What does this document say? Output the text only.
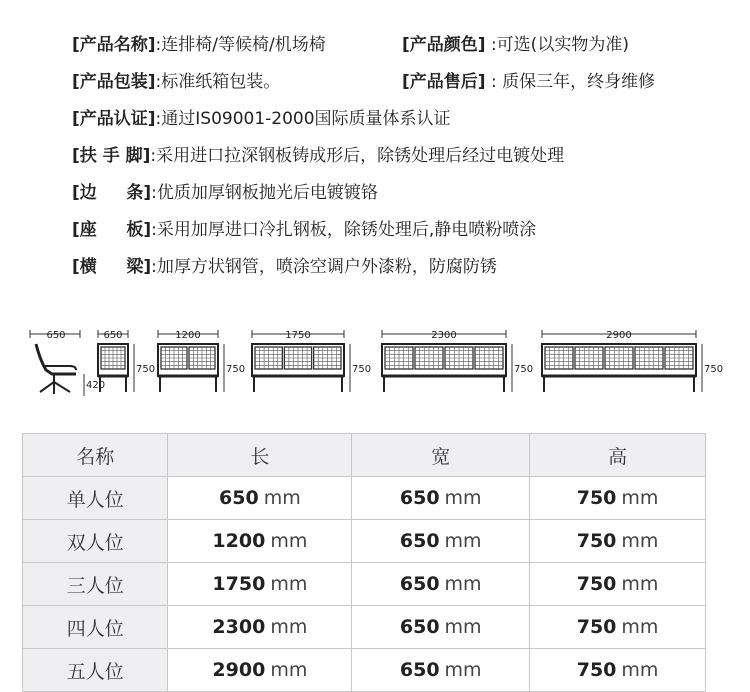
[产品名称] :连排椅/等候椅/机场椅	[产品颜色] :可选(以实物为准)
[产品包装] :标准纸箱包装。	[产品售后] : 质保三年，终身维修
[产品认证] :通过IS09001-2000国际质量体系认证
[扶 手 脚] :采用进口拉深钢板铸成形后，除锈处理后经过电镀处理
[边     条] :优质加厚钢板抛光后电镀镀铬
[座     板] :采用加厚进口冷扎钢板，除锈处理后,静电喷粉喷涂
[横     梁] :加厚方状钢管，喷涂空调户外漆粉，防腐防锈
650
420
650
750
1200
750
1750
750
2300
750
2900
750
名称	长	宽	高
单人位	650 mm	650 mm	750 mm
双人位	1200 mm	650 mm	750 mm
三人位	1750 mm	650 mm	750 mm
四人位	2300 mm	650 mm	750 mm
五人位	2900 mm	650 mm	750 mm
